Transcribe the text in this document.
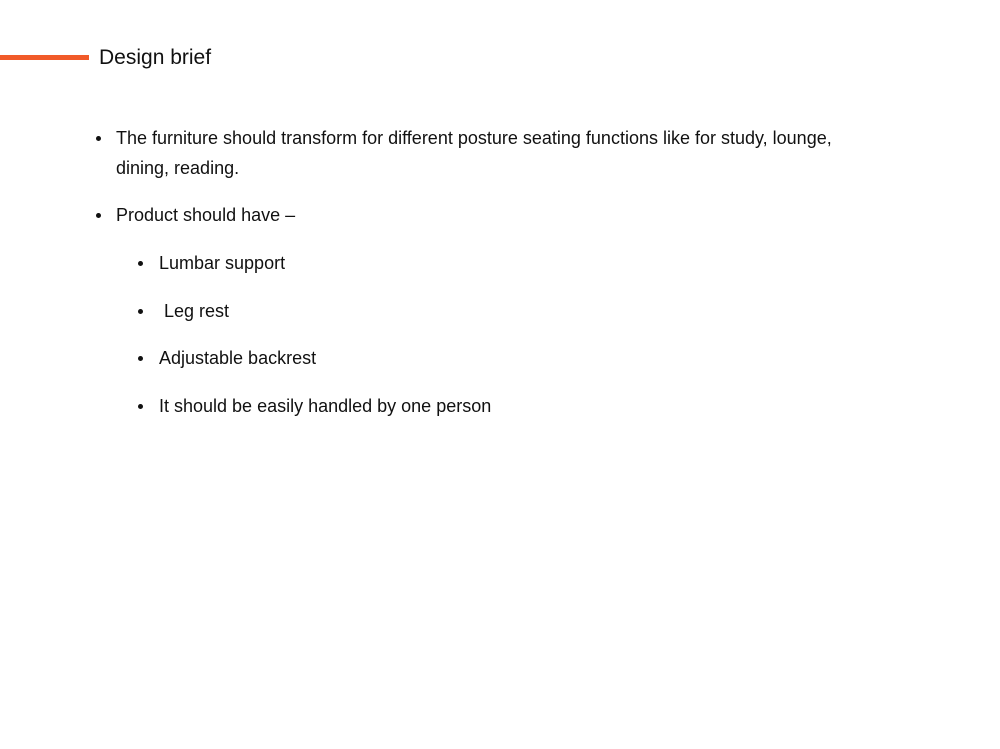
Design brief
The furniture should transform for different posture seating functions like for study, lounge, dining, reading.
Product should have –
Lumbar support
Leg rest
Adjustable backrest
It should be easily handled by one person
